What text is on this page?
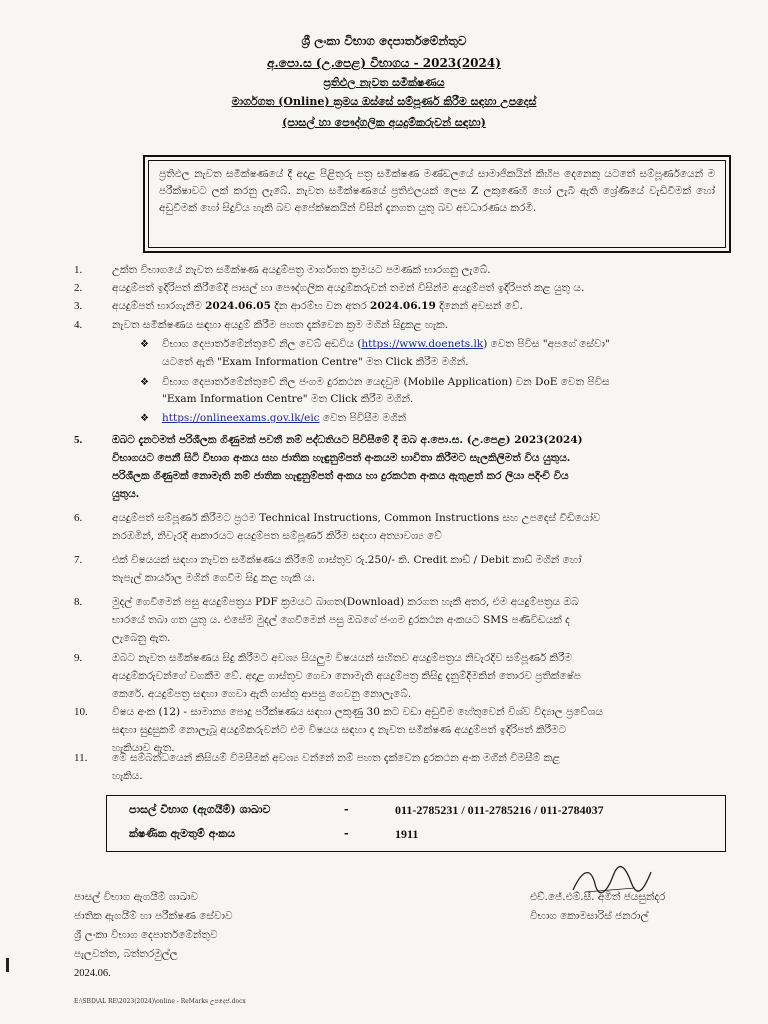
ශ්‍රී ලංකා විභාග දෙපාර්තමේන්තුව
අ.පො.ස (උ.පෙළ) විභාගය - 2023(2024)
ප්‍රතිඵල නැවත සමීක්ෂණය
මාර්ගගත (Online) ක්‍රමය ඔස්සේ සම්පූර්ණ කිරීම සඳහා උපදෙස්
(පාසල් හා පෞද්ගලික අයදුම්කරුවන් සඳහා)
ප්‍රතිඵල නැවත සමීක්ෂණයේ දී අදාළ පිළිතුරු පත්‍ර සමීක්ෂණ මණ්ඩලයේ සාමාජිකයින් කිහිප දෙනෙකු යටතේ සම්පූර්ණයෙන් ම පරීක්ෂාවට ලක් කරනු ලැබේ. නැවත සමීක්ෂණයේ ප්‍රතිඵලයක් ලෙස Z ලකුණෙහි හෝ ලැබී ඇති ශ්‍රේණියේ වැඩිවීමක් හෝ අඩුවීමක් හෝ සිදුවිය හැකි බව අපේක්ෂකයින් විසින් දැනගත යුතු බව අවධාරණය කරමි.
1.	උක්ත විභාගයේ නැවත සමීක්ෂණ අයදුම්පත්‍ර මාර්ගගත ක්‍රමයට පමණක් භාරගනු ලැබේ.
2.	අයදුම්පත් ඉදිරිපත් කිරීමේදී පාසල් හා පෞද්ගලික අයදුම්කරුවන් තමන් විසින්ම අයදුම්පත් ඉදිරිපත් කළ යුතු ය.
3.	අයදුම්පත් භාරගැනීම 2024.06.05 දින ආරම්භ වන අතර 2024.06.19 දිනෙන් අවසන් වේ.
4.	නැවත සමීක්ෂණය සඳහා අයදුම් කිරීම පහත දැක්වෙන ක්‍රම මගින් සිදුකළ හැක.
❖ විභාග දෙපාර්තමේන්තුවේ නිල වෙබ් අඩවිය (https://www.doenets.lk) වෙත පිවිස "අපගේ සේවා"
යටතේ ඇති "Exam Information Centre" මත Click කිරීම මගින්.
❖ විභාග දෙපාර්තමේන්තුවේ නිල ජංගම දුරකථන යෙදවුම (Mobile Application) වන DoE වෙත පිවිස
"Exam Information Centre" මත Click කිරීම මගින්.
❖ https://onlineexams.gov.lk/eic වෙත පිවිසීම මගින්
5.	ඔබට දැනටමත් පරිශීලක ගිණුමක් පවතී නම් පද්ධතියට පිවිසීමේ දී ඔබ අ.පො.ස. (උ.පෙළ) 2023(2024)
විභාගයට පෙනී සිටි විභාග අංකය සහ ජාතික හැඳුනුම්පත් අංකයම භාවිතා කිරීමට සැලකිලිමත් විය යුතුය.
පරිශීලක ගිණුමක් නොමැති නම් ජාතික හැඳුනුම්පත් අංකය හා දුරකථන අංකය ඇතුළත් කර ලියා පදිංචි විය
යුතුය.
6.	අයදුම්පත් සම්පූර්ණ කිරීමට ප්‍රථම Technical Instructions, Common Instructions සහ උපදෙස් වීඩියෝව
නරඹමින්, නිවැරදි ආකාරයට අයදුම්පත සම්පූර්ණ කිරීම සඳහා අත්‍යාවශ්‍ය වේ
7.	එක් විෂයයක් සඳහා නැවත සමීක්ෂණය කිරීමේ ගාස්තුව රු.250/- කි. Credit කාඩ් / Debit කාඩ් මගින් හෝ
තැපැල් කාර්යාල මගින් ගෙවීම සිදු කළ හැකි ය.
8.	මුදල් ගෙවීමෙන් පසු අයදුම්පත්‍රය PDF ක්‍රමයට බාගත(Download) කරගත හැකි අතර, එම අයදුම්පත්‍රය ඔබ
භාරයේ තබා ගත යුතු ය. එසේම මුදල් ගෙවීමෙන් පසු ඔබගේ ජංගම දුරකථන අංකයට SMS පණිවිඩයක් ද
ලැබෙනු ඇත.
9.	ඔබට නැවත සමීක්ෂණය සිදු කිරීමට අවශ්‍ය සියලුම විෂයයන් සහිතව අයදුම්පත්‍රය නිවැරදිව සම්පූර්ණ කිරීම
අයදුම්කරුවන්ගේ වගකීම වේ. අදාළ ගාස්තුව ගෙවා නොමැති අයදුම්පත්‍ර කිසිදු දැනුම්දීමකින් තොරව ප්‍රතික්ෂේප
කෙරේ. අයදුම්පත්‍ර සඳහා ගෙවා ඇති ගාස්තු ආපසු ගෙවනු නොලැබේ.
10.	විෂය අංක (12) - සාමාන්‍ය පොදු පරීක්ෂණය සඳහා ලකුණු 30 කට වඩා අඩුවීම හේතුවෙන් විශ්ව විද්‍යාල ප්‍රවේශය
සඳහා සුදුසුකම් නොලැබූ අයදුම්කරුවන්ට එම විෂයය සඳහා ද නැවත සමීක්ෂණ අයදුම්පත් ඉදිරිපත් කිරීමට
හැකියාව ඇත.
11.	මේ සම්බන්ධයෙන් කිසියම් විමසීමක් අවශ්‍ය වන්නේ නම් පහත දැක්වෙන දුරකථන අංක මගින් විමසීම් කළ
හැකිය.
පාසල් විභාග (ඇගයීම්) ශාඛාව	-	011-2785231 / 011-2785216 / 011-2784037
ක්ෂණික ඇමතුම් අංකය	-	1911
පාසල් විභාග ඇගයීම් ශාඛාව
ජාතික ඇගයීම් හා පරීක්ෂණ සේවාව
ශ්‍රී ලංකා විභාග දෙපාර්තමේන්තුව
පැලවත්ත, බත්තරමුල්ල
2024.06.
එච්.ජේ.එම්.සී. අමිත් ජයසුන්දර
විභාග කොමසාරිස් ජනරාල්
E:\SBD\AL RE\2023(2024)\online - ReMarks උපදෙස්.docx
